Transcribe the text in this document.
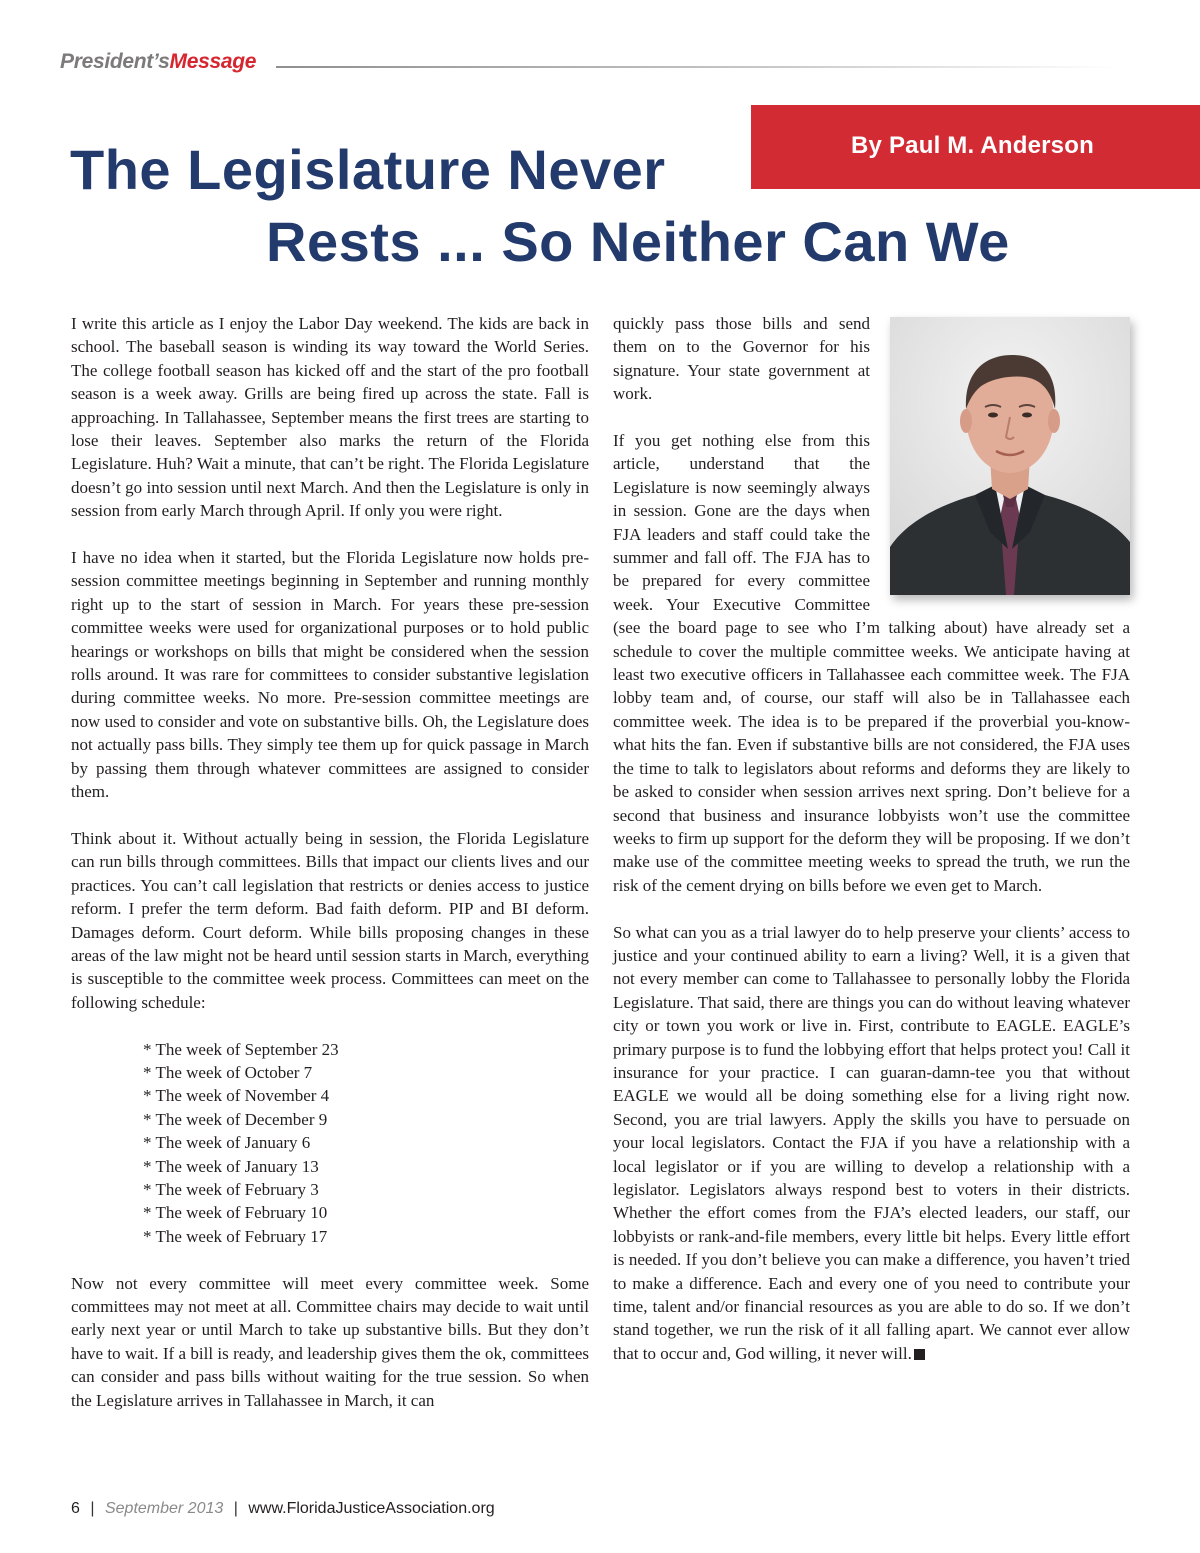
President’sMessage
By Paul M. Anderson
The Legislature Never
Rests ... So Neither Can We

I write this article as I enjoy the Labor Day weekend. The kids are back in school. The baseball season is winding its way toward the World Series. The college football season has kicked off and the start of the pro football season is a week away. Grills are being fired up across the state. Fall is approaching. In Tallahassee, September means the first trees are starting to lose their leaves. September also marks the return of the Florida Legislature. Huh? Wait a minute, that can’t be right. The Florida Legislature doesn’t go into session until next March. And then the Legislature is only in session from early March through April. If only you were right.

I have no idea when it started, but the Florida Legislature now holds pre-session committee meetings beginning in September and running monthly right up to the start of session in March. For years these pre-session committee weeks were used for organizational purposes or to hold public hearings or workshops on bills that might be considered when the session rolls around. It was rare for committees to consider substantive legislation during committee weeks. No more. Pre-session committee meetings are now used to consider and vote on substantive bills. Oh, the Legislature does not actually pass bills. They simply tee them up for quick passage in March by passing them through whatever committees are assigned to consider them.

Think about it. Without actually being in session, the Florida Legislature can run bills through committees. Bills that impact our clients lives and our practices. You can’t call legislation that restricts or denies access to justice reform. I prefer the term deform. Bad faith deform. PIP and BI deform. Damages deform. Court deform. While bills proposing changes in these areas of the law might not be heard until session starts in March, everything is susceptible to the committee week process. Committees can meet on the following schedule:

* The week of September 23
* The week of October 7
* The week of November 4
* The week of December 9
* The week of January 6
* The week of January 13
* The week of February 3
* The week of February 10
* The week of February 17

Now not every committee will meet every committee week. Some committees may not meet at all. Committee chairs may decide to wait until early next year or until March to take up substantive bills. But they don’t have to wait. If a bill is ready, and leadership gives them the ok, committees can consider and pass bills without waiting for the true session. So when the Legislature arrives in Tallahassee in March, it can

quickly pass those bills and send them on to the Governor for his signature. Your state government at work.

If you get nothing else from this article, understand that the Legislature is now seemingly always in session. Gone are the days when FJA leaders and staff could take the summer and fall off. The FJA has to be prepared for every committee week. Your Executive Committee (see the board page to see who I’m talking about) have already set a schedule to cover the multiple committee weeks. We anticipate having at least two executive officers in Tallahassee each committee week. The FJA lobby team and, of course, our staff will also be in Tallahassee each committee week. The idea is to be prepared if the proverbial you-know-what hits the fan. Even if substantive bills are not considered, the FJA uses the time to talk to legislators about reforms and deforms they are likely to be asked to consider when session arrives next spring. Don’t believe for a second that business and insurance lobbyists won’t use the committee weeks to firm up support for the deform they will be proposing. If we don’t make use of the committee meeting weeks to spread the truth, we run the risk of the cement drying on bills before we even get to March.

So what can you as a trial lawyer do to help preserve your clients’ access to justice and your continued ability to earn a living? Well, it is a given that not every member can come to Tallahassee to personally lobby the Florida Legislature. That said, there are things you can do without leaving whatever city or town you work or live in. First, contribute to EAGLE. EAGLE’s primary purpose is to fund the lobbying effort that helps protect you! Call it insurance for your practice. I can guaran-damn-tee you that without EAGLE we would all be doing something else for a living right now. Second, you are trial lawyers. Apply the skills you have to persuade on your local legislators. Contact the FJA if you have a relationship with a local legislator or if you are willing to develop a relationship with a legislator. Legislators always respond best to voters in their districts. Whether the effort comes from the FJA’s elected leaders, our staff, our lobbyists or rank-and-file members, every little bit helps. Every little effort is needed. If you don’t believe you can make a difference, you haven’t tried to make a difference. Each and every one of you need to contribute your time, talent and/or financial resources as you are able to do so. If we don’t stand together, we run the risk of it all falling apart. We cannot ever allow that to occur and, God willing, it never will.

6 | September 2013 | www.FloridaJusticeAssociation.org
